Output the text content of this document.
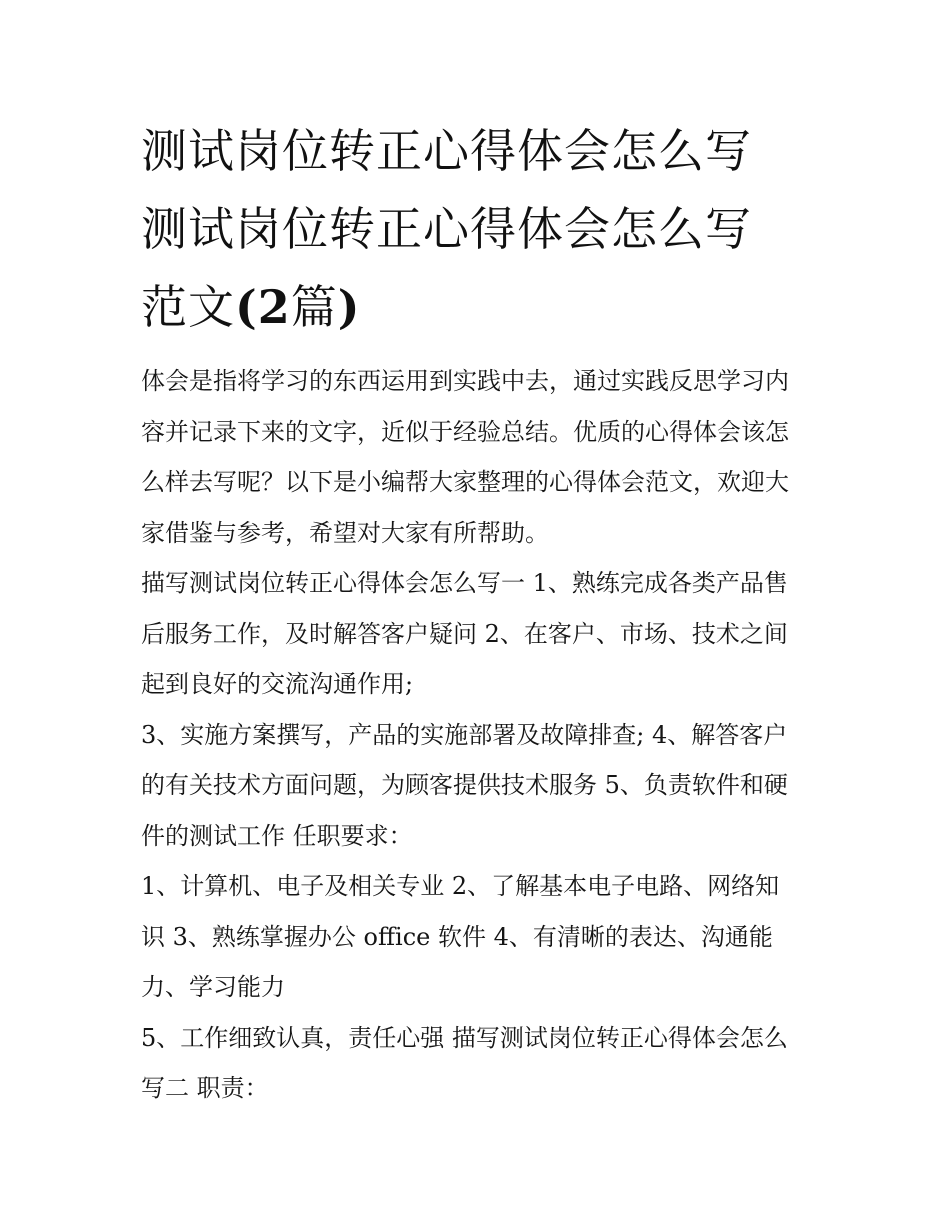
测试岗位转正心得体会怎么写
测试岗位转正心得体会怎么写
范文(2篇)

体会是指将学习的东西运用到实践中去，通过实践反思学习内
容并记录下来的文字，近似于经验总结。优质的心得体会该怎
么样去写呢？以下是小编帮大家整理的心得体会范文，欢迎大
家借鉴与参考，希望对大家有所帮助。

描写测试岗位转正心得体会怎么写一 1、熟练完成各类产品售
后服务工作，及时解答客户疑问 2、在客户、市场、技术之间
起到良好的交流沟通作用;

3、实施方案撰写，产品的实施部署及故障排查; 4、解答客户
的有关技术方面问题，为顾客提供技术服务 5、负责软件和硬
件的测试工作 任职要求：

1、计算机、电子及相关专业 2、了解基本电子电路、网络知
识 3、熟练掌握办公 office 软件 4、有清晰的表达、沟通能
力、学习能力

5、工作细致认真，责任心强 描写测试岗位转正心得体会怎么
写二 职责：
